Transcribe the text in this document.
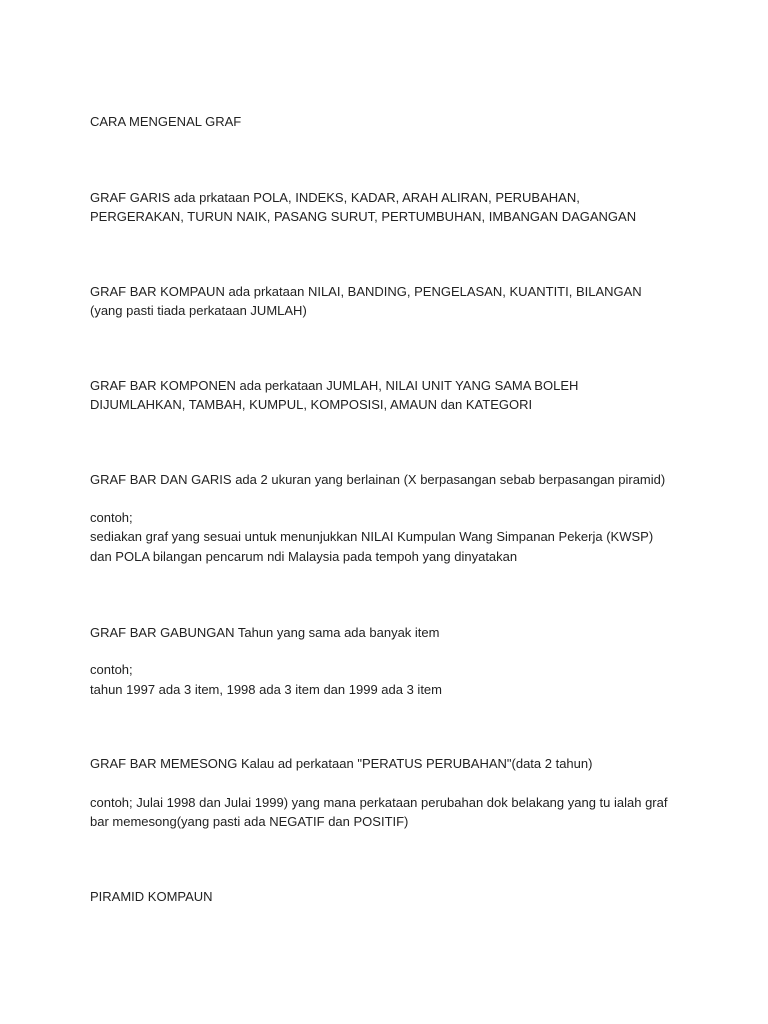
CARA MENGENAL GRAF
GRAF GARIS ada prkataan POLA, INDEKS, KADAR, ARAH ALIRAN, PERUBAHAN,
PERGERAKAN, TURUN NAIK, PASANG SURUT, PERTUMBUHAN, IMBANGAN DAGANGAN
GRAF BAR KOMPAUN ada prkataan NILAI, BANDING, PENGELASAN, KUANTITI, BILANGAN
(yang pasti tiada perkataan JUMLAH)
GRAF BAR KOMPONEN ada perkataan JUMLAH, NILAI UNIT YANG SAMA BOLEH
DIJUMLAHKAN, TAMBAH, KUMPUL, KOMPOSISI, AMAUN dan KATEGORI
GRAF BAR DAN GARIS ada 2 ukuran yang berlainan (X berpasangan sebab berpasangan piramid)
contoh;
sediakan graf yang sesuai untuk menunjukkan NILAI Kumpulan Wang Simpanan Pekerja (KWSP)
dan POLA bilangan pencarum ndi Malaysia pada tempoh yang dinyatakan
GRAF BAR GABUNGAN Tahun yang sama ada banyak item
contoh;
tahun 1997 ada 3 item, 1998 ada 3 item dan 1999 ada 3 item
GRAF BAR MEMESONG Kalau ad perkataan "PERATUS PERUBAHAN"(data 2 tahun)
contoh; Julai 1998 dan Julai 1999) yang mana perkataan perubahan dok belakang yang tu ialah graf
bar memesong(yang pasti ada NEGATIF dan POSITIF)
PIRAMID KOMPAUN
